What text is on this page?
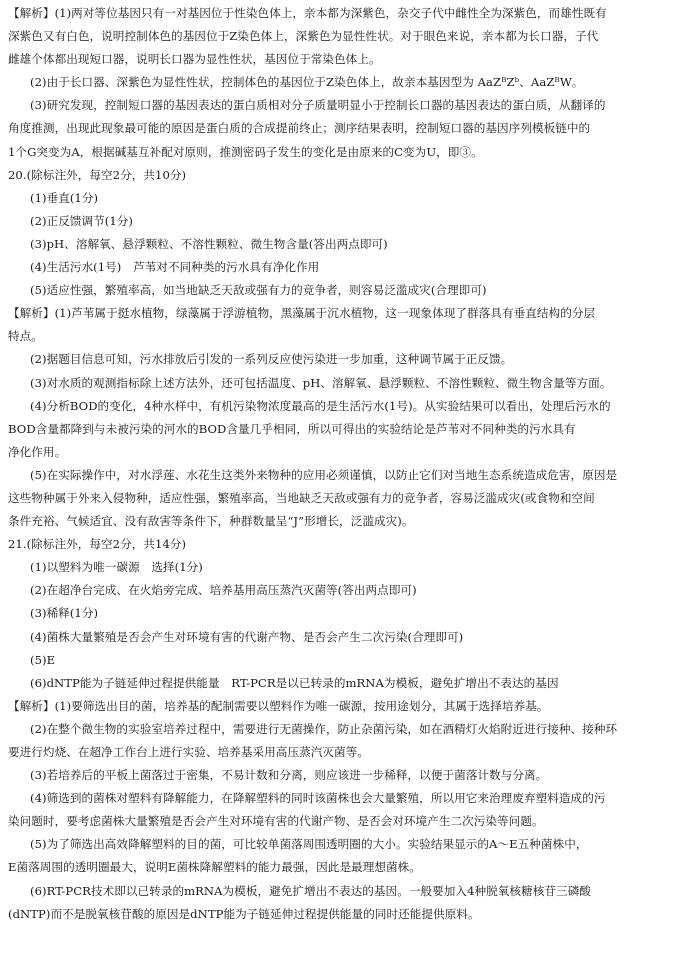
【解析】(1)两对等位基因只有一对基因位于性染色体上，亲本都为深紫色，杂交子代中雌性全为深紫色，而雄性既有
深紫色又有白色，说明控制体色的基因位于Z染色体上，深紫色为显性性状。对于眼色来说，亲本都为长口器，子代
雌雄个体都出现短口器，说明长口器为显性性状，基因位于常染色体上。
(2)由于长口器、深紫色为显性性状，控制体色的基因位于Z染色体上，故亲本基因型为 AaZᴮZᵇ、AaZᴮW。
(3)研究发现，控制短口器的基因表达的蛋白质相对分子质量明显小于控制长口器的基因表达的蛋白质，从翻译的
角度推测，出现此现象最可能的原因是蛋白质的合成提前终止；测序结果表明，控制短口器的基因序列模板链中的
1个G突变为A，根据碱基互补配对原则，推测密码子发生的变化是由原来的C变为U，即③。
20.(除标注外，每空2分，共10分)
(1)垂直(1分)
(2)正反馈调节(1分)
(3)pH、溶解氧、悬浮颗粒、不溶性颗粒、微生物含量(答出两点即可)
(4)生活污水(1号)　芦苇对不同种类的污水具有净化作用
(5)适应性强，繁殖率高，如当地缺乏天敌或强有力的竞争者，则容易泛滥成灾(合理即可)
【解析】(1)芦苇属于挺水植物，绿藻属于浮游植物，黑藻属于沉水植物，这一现象体现了群落具有垂直结构的分层
特点。
(2)据题目信息可知，污水排放后引发的一系列反应使污染进一步加重，这种调节属于正反馈。
(3)对水质的观测指标除上述方法外，还可包括温度、pH、溶解氧、悬浮颗粒、不溶性颗粒、微生物含量等方面。
(4)分析BOD的变化，4种水样中，有机污染物浓度最高的是生活污水(1号)。从实验结果可以看出，处理后污水的
BOD含量都降到与未被污染的河水的BOD含量几乎相同，所以可得出的实验结论是芦苇对不同种类的污水具有
净化作用。
(5)在实际操作中，对水浮莲、水花生这类外来物种的应用必须谨慎，以防止它们对当地生态系统造成危害，原因是
这些物种属于外来入侵物种，适应性强，繁殖率高，当地缺乏天敌或强有力的竞争者，容易泛滥成灾(或食物和空间
条件充裕、气候适宜、没有敌害等条件下，种群数量呈“J”形增长，泛滥成灾)。
21.(除标注外，每空2分，共14分)
(1)以塑料为唯一碳源　选择(1分)
(2)在超净台完成、在火焰旁完成、培养基用高压蒸汽灭菌等(答出两点即可)
(3)稀释(1分)
(4)菌株大量繁殖是否会产生对环境有害的代谢产物、是否会产生二次污染(合理即可)
(5)E
(6)dNTP能为子链延伸过程提供能量　RT-PCR是以已转录的mRNA为模板，避免扩增出不表达的基因
【解析】(1)要筛选出目的菌，培养基的配制需要以塑料作为唯一碳源，按用途划分，其属于选择培养基。
(2)在整个微生物的实验室培养过程中，需要进行无菌操作，防止杂菌污染，如在酒精灯火焰附近进行接种、接种环
要进行灼烧、在超净工作台上进行实验、培养基采用高压蒸汽灭菌等。
(3)若培养后的平板上菌落过于密集，不易计数和分离，则应该进一步稀释，以便于菌落计数与分离。
(4)筛选到的菌株对塑料有降解能力，在降解塑料的同时该菌株也会大量繁殖，所以用它来治理废弃塑料造成的污
染问题时，要考虑菌株大量繁殖是否会产生对环境有害的代谢产物、是否会对环境产生二次污染等问题。
(5)为了筛选出高效降解塑料的目的菌，可比较单菌落周围透明圈的大小。实验结果显示的A～E五种菌株中，
E菌落周围的透明圈最大，说明E菌株降解塑料的能力最强，因此是最理想菌株。
(6)RT-PCR技术即以已转录的mRNA为模板，避免扩增出不表达的基因。一般要加入4种脱氧核糖核苷三磷酸
(dNTP)而不是脱氧核苷酸的原因是dNTP能为子链延伸过程提供能量的同时还能提供原料。
